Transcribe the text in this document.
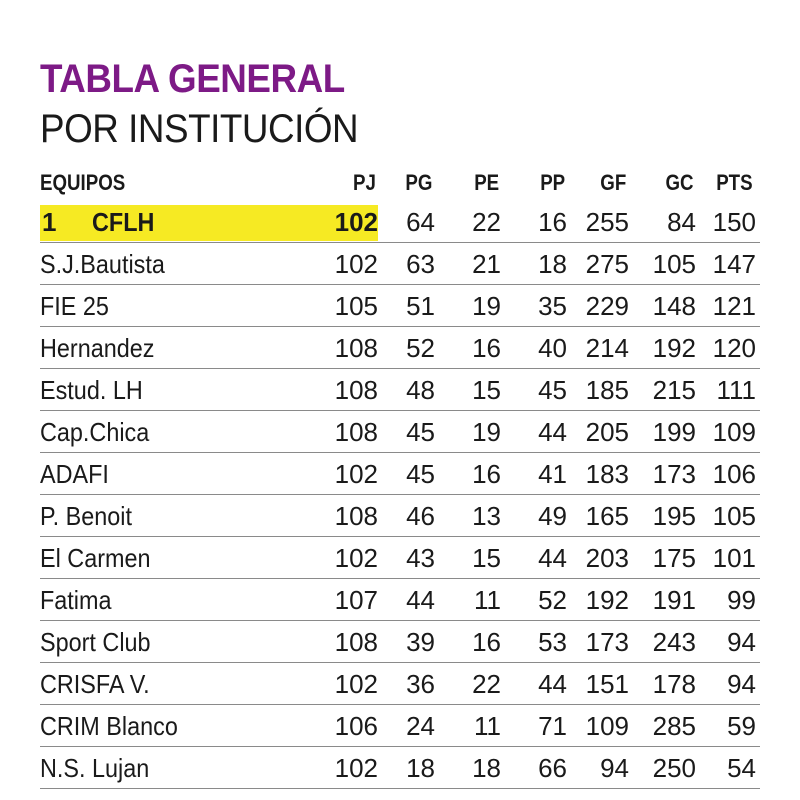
TABLA GENERAL
POR INSTITUCIÓN
EQUIPOS	PJ PG PE PP GF GC PTS
1 CFLH	102 64 22 16 255 84 150
S.J.Bautista	102 63 21 18 275 105 147
FIE 25	105 51 19 35 229 148 121
Hernandez	108 52 16 40 214 192 120
Estud. LH	108 48 15 45 185 215 111
Cap.Chica	108 45 19 44 205 199 109
ADAFI	102 45 16 41 183 173 106
P. Benoit	108 46 13 49 165 195 105
El Carmen	102 43 15 44 203 175 101
Fatima	107 44 11 52 192 191 99
Sport Club	108 39 16 53 173 243 94
CRISFA V.	102 36 22 44 151 178 94
CRIM Blanco	106 24 11 71 109 285 59
N.S. Lujan	102 18 18 66 94 250 54
